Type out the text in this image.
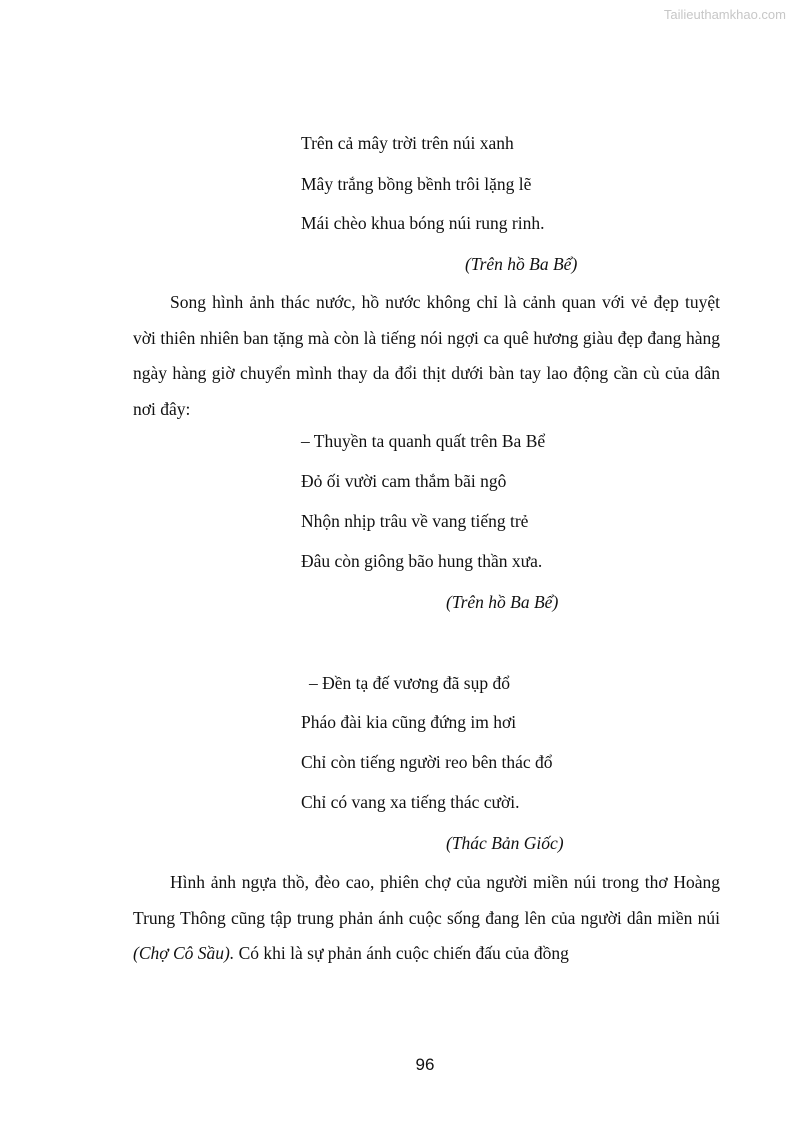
Tailieuthamkhao.com
Trên cả mây trời trên núi xanh
Mây trắng bồng bềnh trôi lặng lẽ
Mái chèo khua bóng núi rung rinh.
(Trên hồ Ba Bể)

Song hình ảnh thác nước, hồ nước không chỉ là cảnh quan với vẻ đẹp tuyệt vời thiên nhiên ban tặng mà còn là tiếng nói ngợi ca quê hương giàu đẹp đang hàng ngày hàng giờ chuyển mình thay da đổi thịt dưới bàn tay lao động cần cù của dân nơi đây:

– Thuyền ta quanh quất trên Ba Bể
Đỏ ối vười cam thắm bãi ngô
Nhộn nhịp trâu về vang tiếng trẻ
Đâu còn giông bão hung thần xưa.
(Trên hồ Ba Bể)
– Đền tạ đế vương đã sụp đổ
Pháo đài kia cũng đứng im hơi
Chỉ còn tiếng người reo bên thác đổ
Chỉ có vang xa tiếng thác cười.
(Thác Bản Giốc)

Hình ảnh ngựa thồ, đèo cao, phiên chợ của người miền núi trong thơ Hoàng Trung Thông cũng tập trung phản ánh cuộc sống đang lên của người dân miền núi (Chợ Cô Sầu). Có khi là sự phản ánh cuộc chiến đấu của đồng

96
